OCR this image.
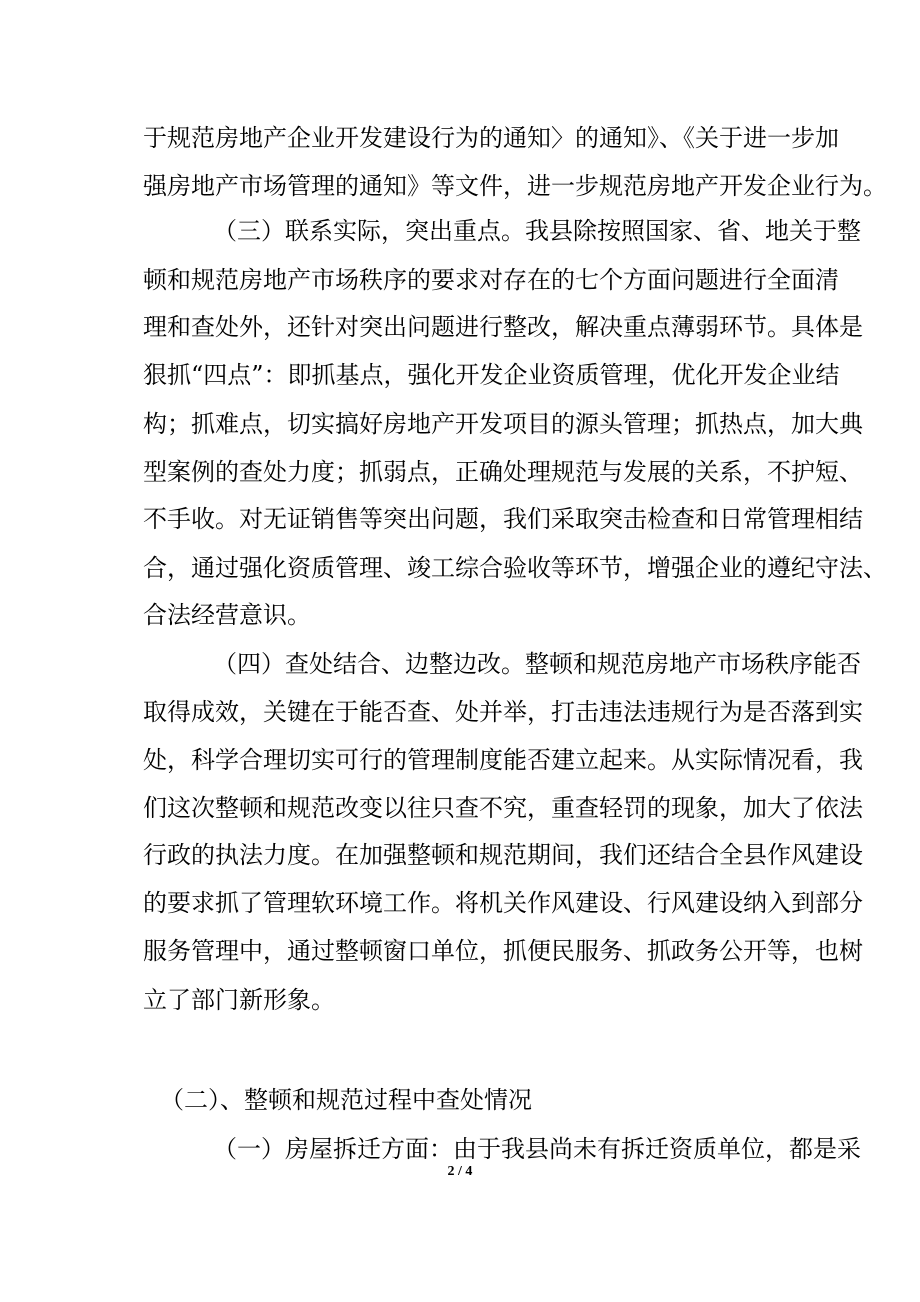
于规范房地产企业开发建设行为的通知〉的通知》、《关于进一步加
强房地产市场管理的通知》等文件，进一步规范房地产开发企业行为。
（三）联系实际，突出重点。我县除按照国家、省、地关于整
顿和规范房地产市场秩序的要求对存在的七个方面问题进行全面清
理和查处外，还针对突出问题进行整改，解决重点薄弱环节。具体是
狠抓“四点”：即抓基点，强化开发企业资质管理，优化开发企业结
构；抓难点，切实搞好房地产开发项目的源头管理；抓热点，加大典
型案例的查处力度；抓弱点，正确处理规范与发展的关系，不护短、
不手收。对无证销售等突出问题，我们采取突击检查和日常管理相结
合，通过强化资质管理、竣工综合验收等环节，增强企业的遵纪守法、
合法经营意识。
（四）查处结合、边整边改。整顿和规范房地产市场秩序能否
取得成效，关键在于能否查、处并举，打击违法违规行为是否落到实
处，科学合理切实可行的管理制度能否建立起来。从实际情况看，我
们这次整顿和规范改变以往只查不究，重查轻罚的现象，加大了依法
行政的执法力度。在加强整顿和规范期间，我们还结合全县作风建设
的要求抓了管理软环境工作。将机关作风建设、行风建设纳入到部分
服务管理中，通过整顿窗口单位，抓便民服务、抓政务公开等，也树
立了部门新形象。
（二）、整顿和规范过程中查处情况
（一）房屋拆迁方面：由于我县尚未有拆迁资质单位，都是采
2 / 4
